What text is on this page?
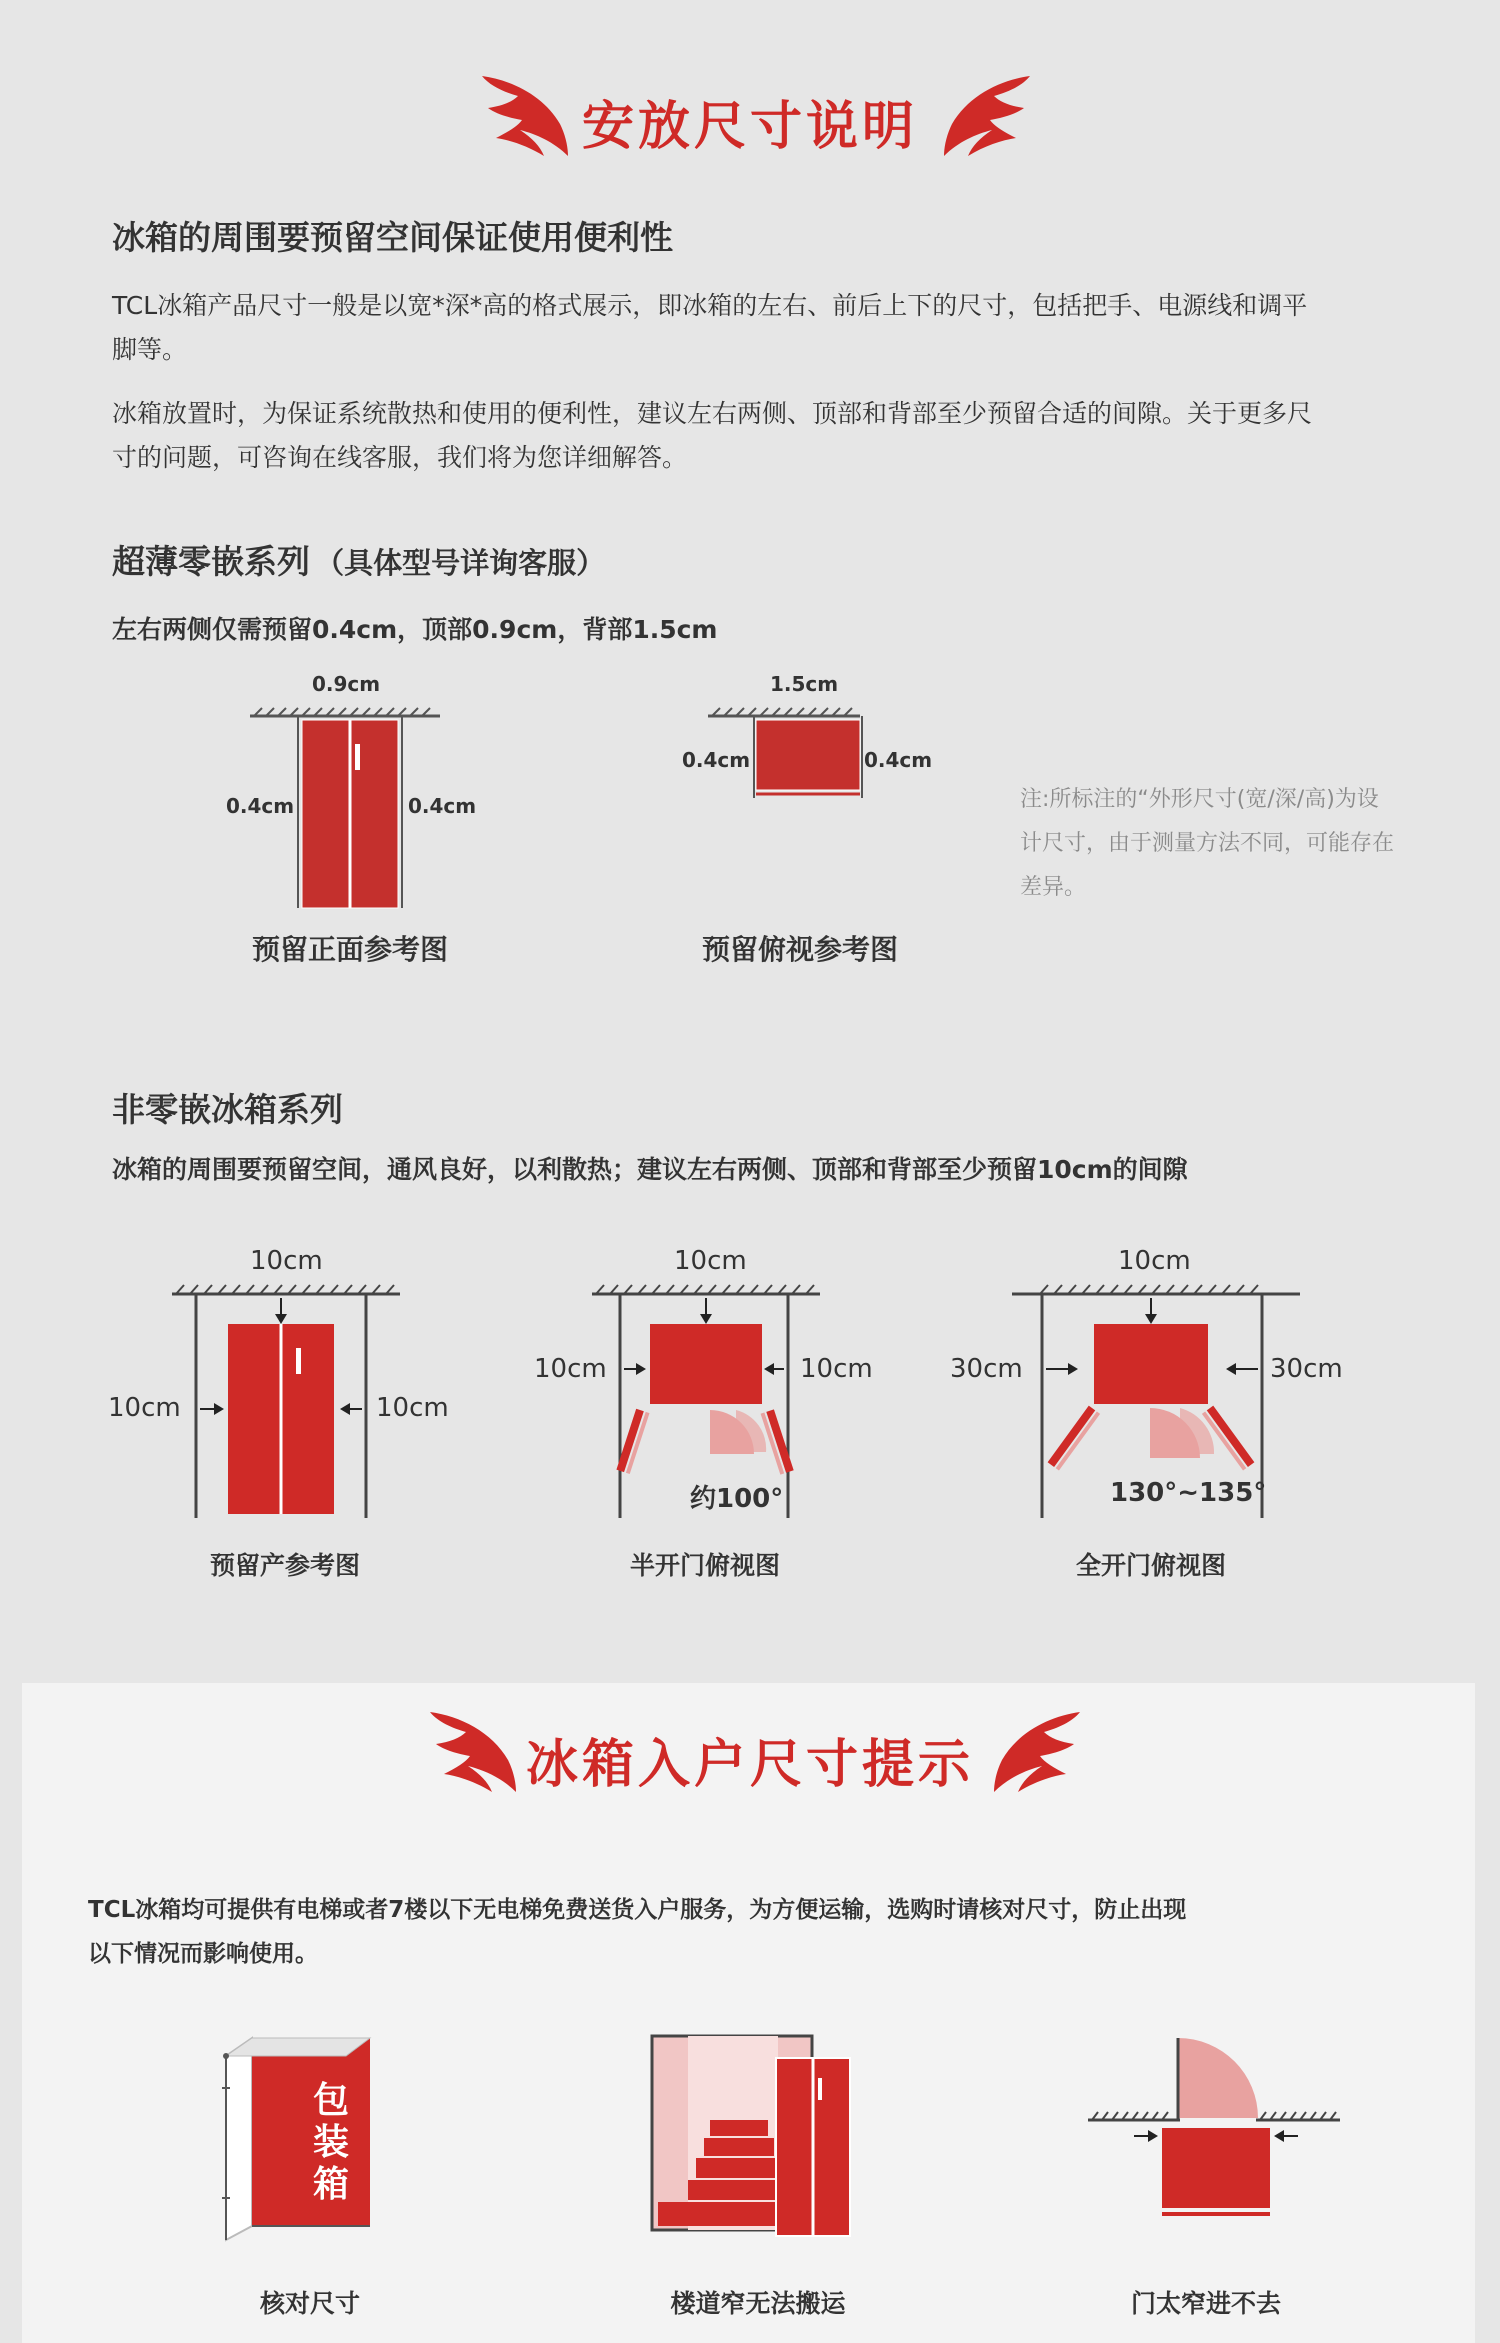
安放尺寸说明
冰箱的周围要预留空间保证使用便利性
TCL冰箱产品尺寸一般是以宽*深*高的格式展示，即冰箱的左右、前后上下的尺寸，包括把手、电源线和调平
脚等。
冰箱放置时，为保证系统散热和使用的便利性，建议左右两侧、顶部和背部至少预留合适的间隙。关于更多尺
寸的问题，可咨询在线客服，我们将为您详细解答。
超薄零嵌系列 （具体型号详询客服）
左右两侧仅需预留0.4cm，顶部0.9cm，背部1.5cm
0.9cm
0.4cm	0.4cm
预留正面参考图
1.5cm
0.4cm	0.4cm
预留俯视参考图
注:所标注的“外形尺寸(宽/深/高)为设
计尺寸，由于测量方法不同，可能存在
差异。
非零嵌冰箱系列
冰箱的周围要预留空间，通风良好，以利散热；建议左右两侧、顶部和背部至少预留10cm的间隙
10cm
10cm	10cm
预留产参考图
10cm
10cm	10cm
约100°
半开门俯视图
10cm
30cm	30cm
130°~135°
全开门俯视图
冰箱入户尺寸提示
TCL冰箱均可提供有电梯或者7楼以下无电梯免费送货入户服务，为方便运输，选购时请核对尺寸，防止出现
以下情况而影响使用。
包
装
箱
核对尺寸	楼道窄无法搬运	门太窄进不去
